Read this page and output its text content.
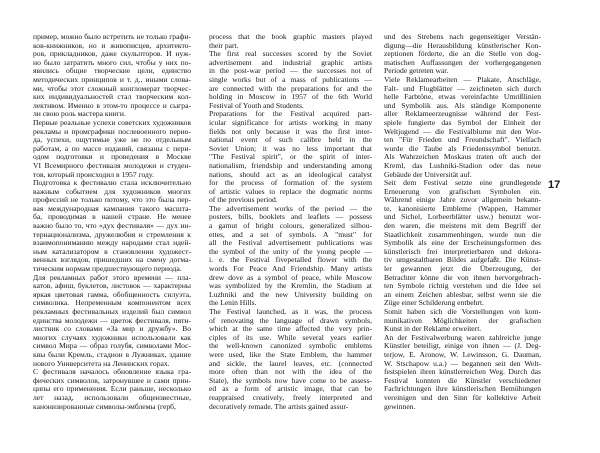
пример, можно было встретить не только графи-
ков-книжников, но и живописцев, архитекто-
ров, прикладников, даже скульпторов. И нуж-
но было затратить много сил, чтобы у них по-
явились общие творческие цели, единство
методических принципов и т. д., иными слова-
ми, чтобы этот сложный конгломерат творчес-
ких индивидуальностей стал творческим кол-
лективом. Именно в этом-то процессе и сыгра-
ли свою роль мастера книги.
Первые реальные успехи советских художников
рекламы и промграфики послевоенного перио-
да, успехи, ощутимые уже не по отдельным
работам, а по массе изданий, связаны с пери-
одом подготовки и проведения в Москве
VI Всемирного фестиваля молодежи и студен-
тов, который происходил в 1957 году.
Подготовка к фестивалю стала исключительно
важным событием для художников многих
профессий не только потому, что это была пер-
вая международная кампания такого масшта-
ба, проводимая в нашей стране. Не менее
важно было то, что «дух фестиваля» — дух ин-
тернационализма, дружелюбия и стремления к
взаимопониманию между народами стал идей-
ным катализатором в становлении художест-
венных взглядов, пришедших на смену догма-
тическим нормам предшествующего периода.
Для рекламных работ этого времени — пла-
катов, афиш, буклетов, листовок — характерны
яркая цветовая гамма, обобщенность силуэта,
символика. Непременным компонентом всех
рекламных фестивальных изделий был символ
единства молодежи — цветок фестиваля, пяти-
листник со словами «За мир и дружбу». Во
многих случаях художники использовали как
символ Мира — образ голубя, символами Мос-
квы были Кремль, стадион в Лужниках, здание
нового Университета на Ленинских горах.
С фестиваля началось обновление языка гра-
фических символов, затронувшее и сами прин-
ципы его применения. Если раньше, несколько
лет назад, использовали общеизвестные,
канонизированные символы-эмблемы (герб,
process that the book graphic masters played
their part.
The first real successes scored by the Soviet
advertisement and industrial graphic artists
in the post-war period — the successes not of
single works but of a mass of publications —
are connected with the preparations for and the
holding in Moscow in 1957 of the 6th World
Festival of Youth and Students.
Preparations for the Festival acquired part-
icular significance for artists working in many
fields not only because it was the first inter-
national event of such calibre held in the
Soviet Union; it was no less important that
"The Festival spirit", or the spirit of inter-
nationalism, friendship and understanding among
nations, should act as an ideological catalyst
for the process of formation of the system
of artistic values to replace the dogmatic norms
of the previous period.
The advertisement works of the period — the
posters, bills, booklets and leaflets — possess
a gamut of bright colours, generalized silhou-
ettes, and a set of symbols. A "must" for
all the Festival advertisement publications was
the symbol of the unity of the young people —
i. e. the Festival fivepetalled flower with the
words For Peace And Friendship. Many artists
drew dove as a symbol of peace, while Moscow
was symbolized by the Kremlin, the Stadium at
Luzhniki and the new University building on
the Lenin Hills.
The Festival launched, as it was, the process
of renovating the language of drawn symbols,
which at the same time affected the very prin-
ciples of its use. While several years earlier
the well-known canonized symbolic emblems
were used, like the State Emblem, the hammer
and sickle, the laurel leaves, etc. (connected
more often than not with the idea of the
State), the symbols now have come to be assess-
ed as a form of artistic image, that can be
reappraised creatively, freely interpreted and
decoratively remade. The artists gained assur-
und des Strebens nach gegenseitiger Verstän-
digung—die Herausbildung künstlerischer Kon-
zeptionen förderte, die an die Stelle von dog-
matischen Auffassungen der vorhergegangenen
Periode getreten war.
Viele Reklamearbeiten — Plakate, Anschläge,
Falt- und Flugblätter — zeichneten sich durch
helle Farbtöne, etwas vereinfachte Umrißlinien
und Symbolik aus. Als ständige Komponente
aller Reklameerzeugnisse während der Fest-
spiele fungierte das Symbol der Einheit der
Weltjugend — die Festivalblume mit den Wor-
ten "Für Frieden und Freundschaft". Vielfach
wurde die Taube als Friedenssymbol benutzt.
Als Wahrzeichen Moskaus traten oft auch der
Kreml, das Lushniki-Stadion oder das neue
Gebäude der Universität auf.
Seit dem Festival setzte eine grundlegende
Erneuerung von grafischen Symbolen ein.
Während einige Jahre zuvor allgemein bekann-
te, kanonisierte Embleme (Wappen, Hammer
und Sichel, Lorbeerblätter usw.) benutzt wor-
den waren, die meistens mit dem Begriff der
Staatlichkeit zusammenhingen, wurde nun die
Symbolik als eine der Erscheinungsformen des
künstlerisch frei interpretierbaren und dekora-
tiv umgestaltbaren Bildes aufgefaßt. Die Künst-
ler gewannen jetzt die Überzeugung, der
Betrachter könne die von ihnen hervorgebrach-
ten Symbole richtig verstehen und die Idee sei
an einem Zeichen ablesbar, selbst wenn sie die
Züge einer Schilderung entbehrt.
Somit haben sich die Vorstellungen von kom-
munikativen Möglichkeiten der grafischen
Kunst in der Reklame erweitert.
An der Festivalwerbung waren zahlreiche junge
Künstler beteiligt, einige von ihnen — (J. Deg-
terjow, E. Aronow, W. Lewinsson, G. Dauman,
W. Stschapow u.a.) — begannen seit den Welt-
festspielen ihren künstlerreichen Weg. Durch das
Festival konnten die Künstler verschiedener
Fachrichtungen ihre künstlerischen Bemühungen
vereinigen und den Sinn für kollektive Arbeit
gewinnen.
17
